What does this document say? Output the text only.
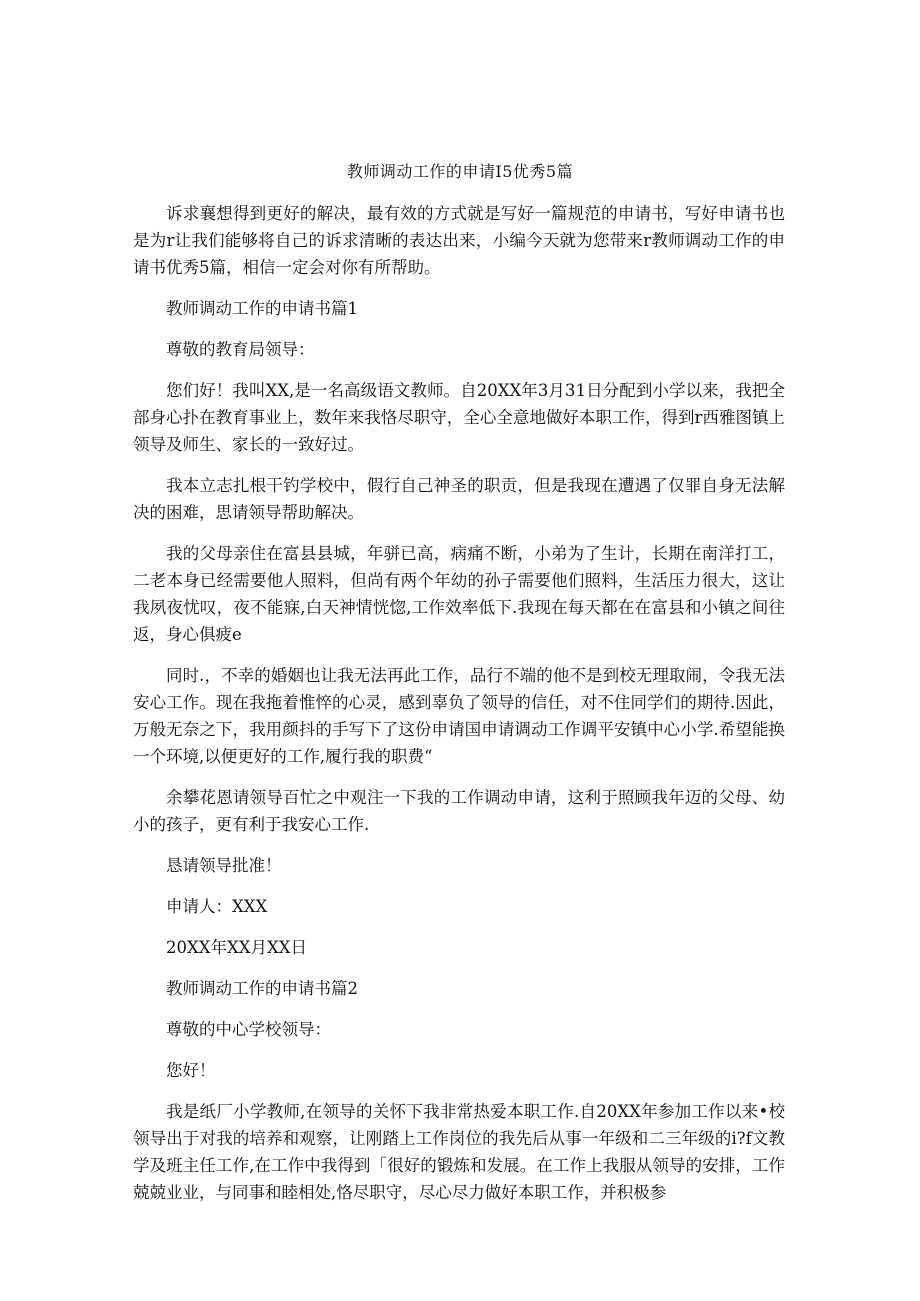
教师调动工作的申请I5优秀5篇

诉求襄想得到更好的解决，最有效的方式就是写好一篇规范的申请书，写好申请书也是为r让我们能够将自己的诉求清晰的表达出来，小编今天就为您带来r教师调动工作的申请书优秀5篇，相信一定会对你有所帮助。

教师调动工作的申请书篇1

尊敬的教育局领导：

您们好！我叫XX,是一名高级语文教师。自20XX年3月31日分配到小学以来，我把全部身心扑在教育事业上，数年来我恪尽职守，全心全意地做好本职工作，得到r西雅图镇上领导及师生、家长的一致好过。

我本立志扎根干钓学校中，假行自己神圣的职贡，但是我现在遭遇了仅罪自身无法解决的困难，思请领导帮助解决。

我的父母亲住在富县县城，年骈已高，病痛不断，小弟为了生计，长期在南洋打工，二老本身已经需要他人照料，但尚有两个年幼的孙子需要他们照料，生活压力很大，这让我夙夜忧叹，夜不能寐,白天神情恍惚,工作效率低下.我现在每天都在在富县和小镇之间往返，身心俱疲e

同时.，不幸的婚姻也让我无法再此工作，品行不端的他不是到校无理取闹，令我无法安心工作。现在我拖着惟悴的心灵，感到辜负了领导的信任，对不住同学们的期待.因此，万般无奈之下，我用颜抖的手写下了这份申请国申请调动工作调平安镇中心小学.希望能换一个环境,以便更好的工作,履行我的职费“

余攀花恩请领导百忙之中观注一下我的工作调动申请，这利于照顾我年迈的父母、幼小的孩子，更有利于我安心工作.

恳请领导批准！

申请人：XXX

20XX年XX月XX日

教师调动工作的申请书篇2

尊敬的中心学校领导：

您好！

我是纸厂小学教师,在领导的关怀下我非常热爱本职工作.自20XX年参加工作以来•校领导出于对我的培养和观察，让刚踏上工作岗位的我先后从事一年级和二三年级的i?f文教学及班主任工作,在工作中我得到「很好的锻炼和发展。在工作上我服从领导的安排，工作兢兢业业，与同事和睦相处,恪尽职守，尽心尽力做好本职工作，并积极参
